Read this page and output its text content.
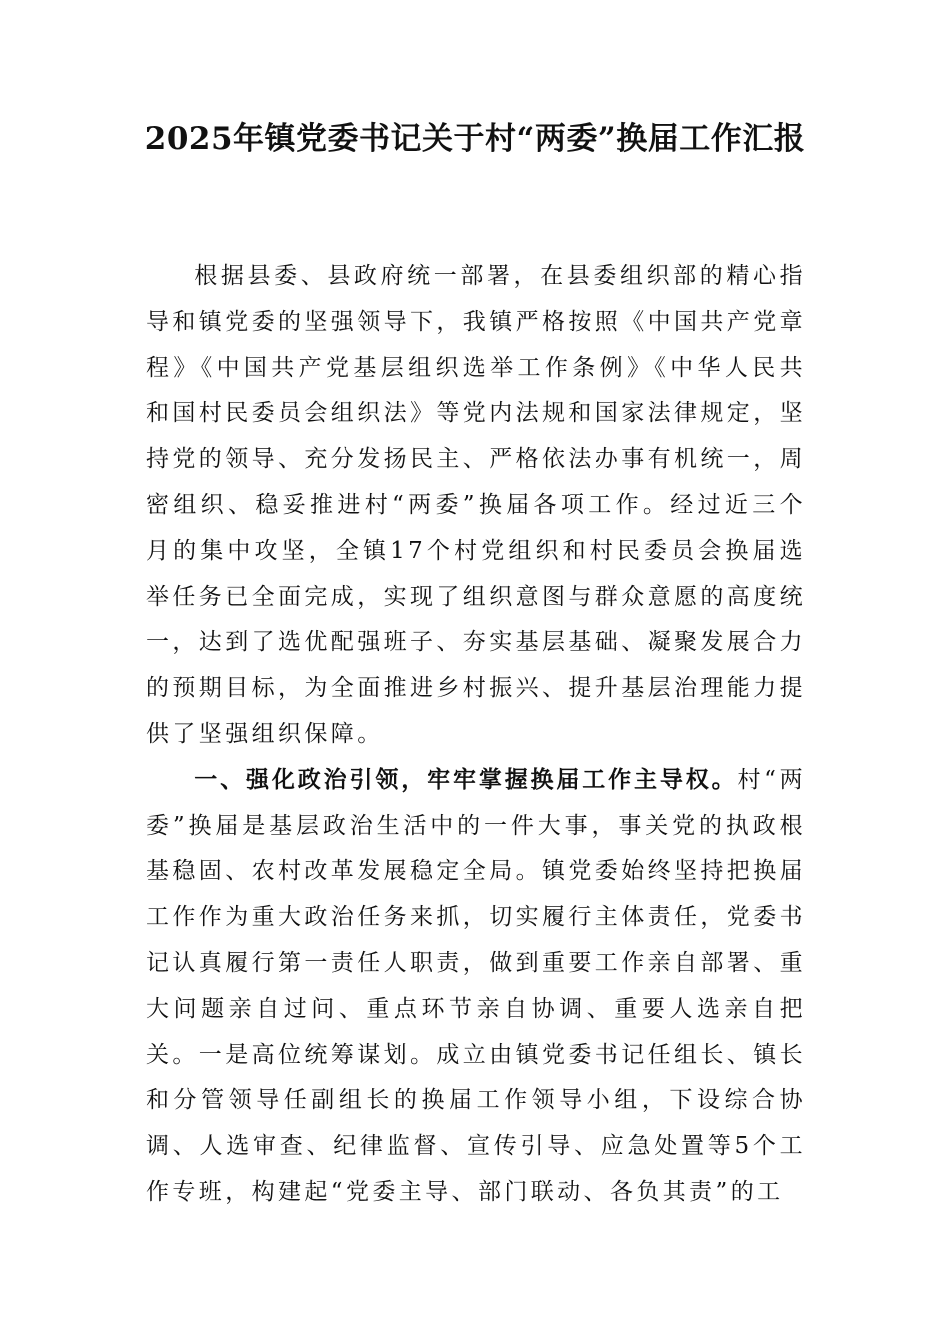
2025年镇党委书记关于村“两委”换届工作汇报

根据县委、县政府统一部署，在县委组织部的精心指导和镇党委的坚强领导下，我镇严格按照《中国共产党章程》《中国共产党基层组织选举工作条例》《中华人民共和国村民委员会组织法》等党内法规和国家法律规定，坚持党的领导、充分发扬民主、严格依法办事有机统一，周密组织、稳妥推进村“两委”换届各项工作。经过近三个月的集中攻坚，全镇17个村党组织和村民委员会换届选举任务已全面完成，实现了组织意图与群众意愿的高度统一，达到了选优配强班子、夯实基层基础、凝聚发展合力的预期目标，为全面推进乡村振兴、提升基层治理能力提供了坚强组织保障。

一、强化政治引领，牢牢掌握换届工作主导权。村“两委”换届是基层政治生活中的一件大事，事关党的执政根基稳固、农村改革发展稳定全局。镇党委始终坚持把换届工作作为重大政治任务来抓，切实履行主体责任，党委书记认真履行第一责任人职责，做到重要工作亲自部署、重大问题亲自过问、重点环节亲自协调、重要人选亲自把关。一是高位统筹谋划。成立由镇党委书记任组长、镇长和分管领导任副组长的换届工作领导小组，下设综合协调、人选审查、纪律监督、宣传引导、应急处置等5个工作专班，构建起“党委主导、部门联动、各负其责”的工
